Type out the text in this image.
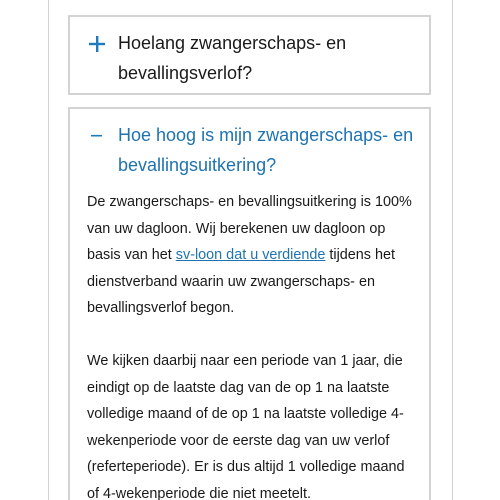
Hoelang zwangerschaps- en bevallingsverlof?
Hoe hoog is mijn zwangerschaps- en bevallingsuitkering?

De zwangerschaps- en bevallingsuitkering is 100% van uw dagloon. Wij berekenen uw dagloon op basis van het sv-loon dat u verdiende tijdens het dienstverband waarin uw zwangerschaps- en bevallingsverlof begon.

We kijken daarbij naar een periode van 1 jaar, die eindigt op de laatste dag van de op 1 na laatste volledige maand of de op 1 na laatste volledige 4-wekenperiode voor de eerste dag van uw verlof (referteperiode). Er is dus altijd 1 volledige maand of 4-wekenperiode die niet meetelt.
